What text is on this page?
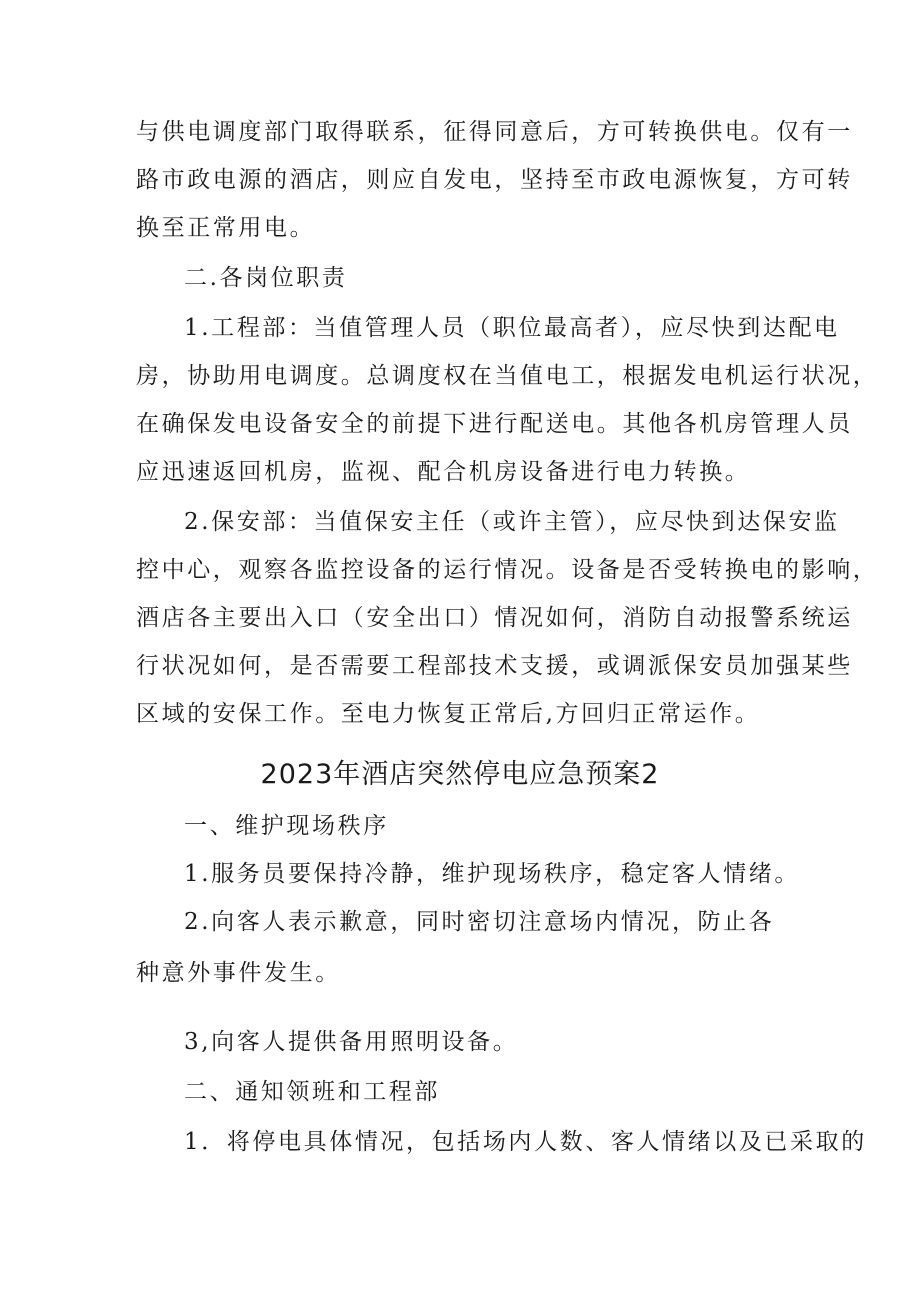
与供电调度部门取得联系，征得同意后，方可转换供电。仅有一
路市政电源的酒店，则应自发电，坚持至市政电源恢复，方可转
换至正常用电。
二.各岗位职责
1.工程部：当值管理人员（职位最高者），应尽快到达配电
房，协助用电调度。总调度权在当值电工，根据发电机运行状况，
在确保发电设备安全的前提下进行配送电。其他各机房管理人员
应迅速返回机房，监视、配合机房设备进行电力转换。
2.保安部：当值保安主任（或许主管），应尽快到达保安监
控中心，观察各监控设备的运行情况。设备是否受转换电的影响，
酒店各主要出入口（安全出口）情况如何，消防自动报警系统运
行状况如何，是否需要工程部技术支援，或调派保安员加强某些
区域的安保工作。至电力恢复正常后,方回归正常运作。
2023年酒店突然停电应急预案2
一、维护现场秩序
1.服务员要保持冷静，维护现场秩序，稳定客人情绪。
2.向客人表示歉意，同时密切注意场内情况，防止各
种意外事件发生。
3,向客人提供备用照明设备。
二、通知领班和工程部
1．将停电具体情况，包括场内人数、客人情绪以及已采取的
